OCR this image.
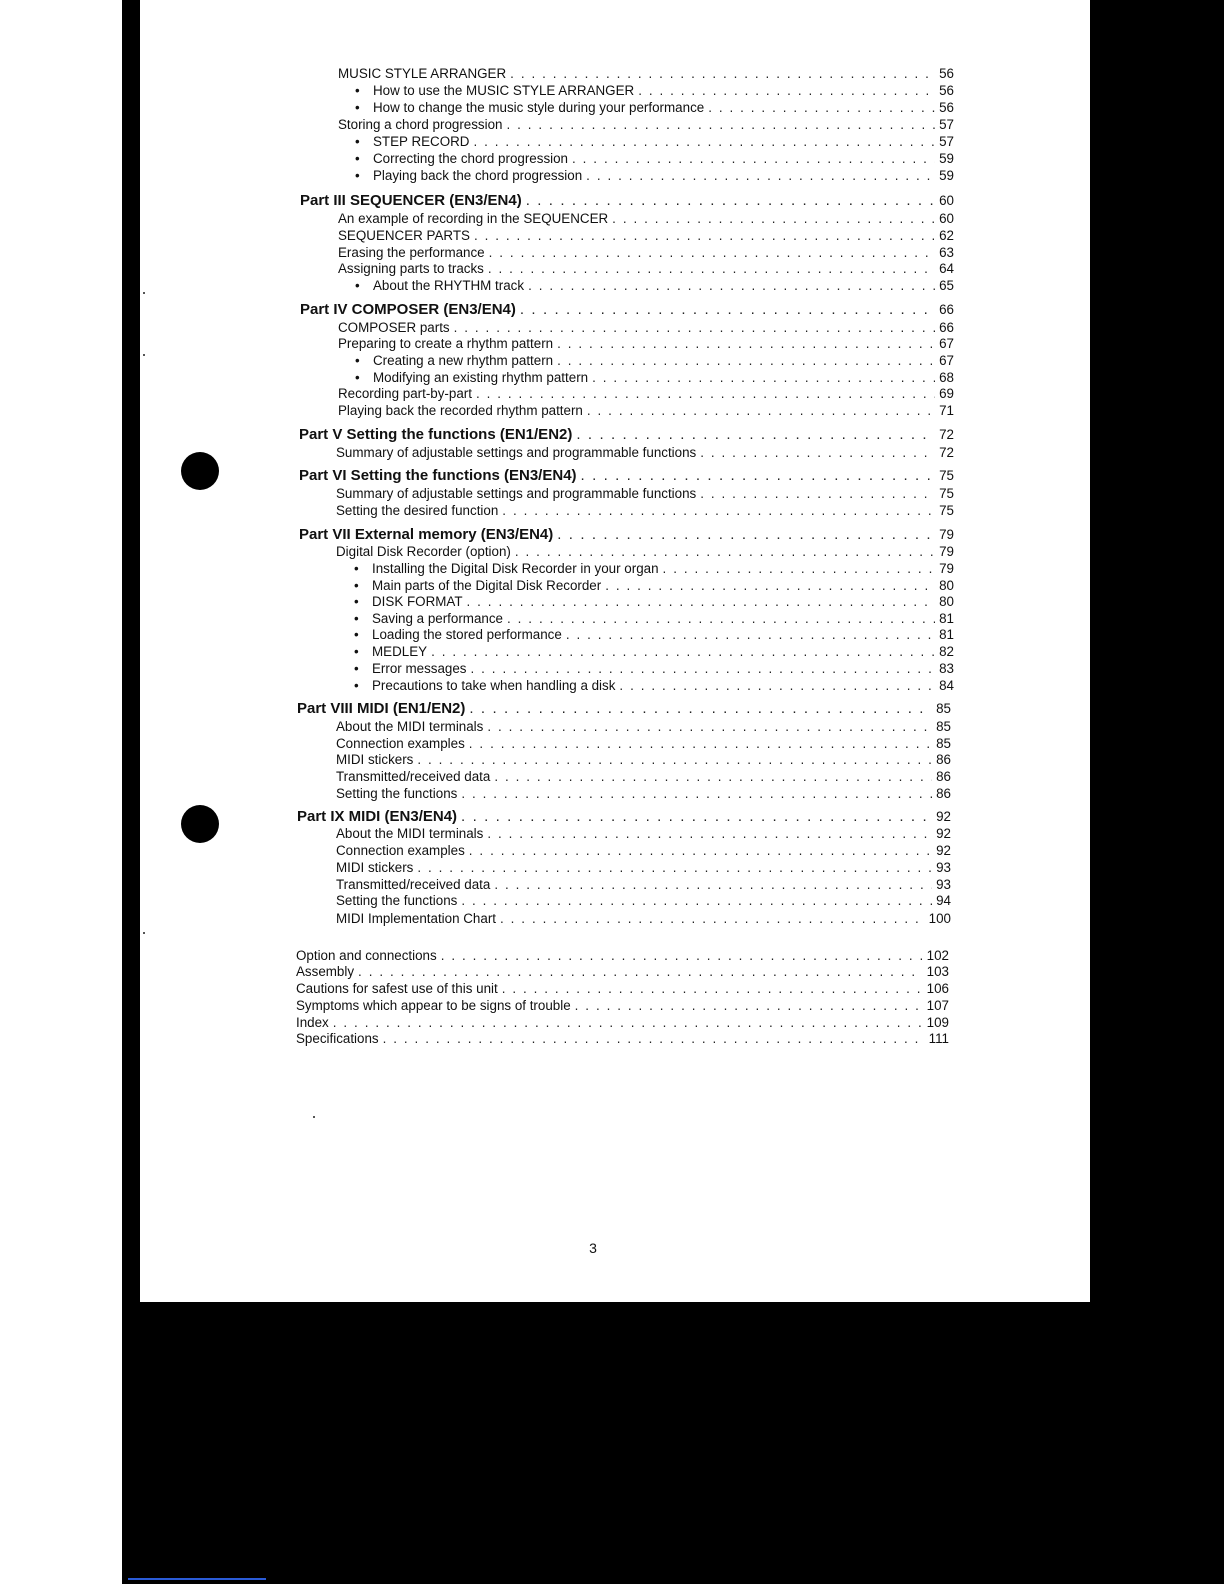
MUSIC STYLE ARRANGER . . .	56
• How to use the MUSIC STYLE ARRANGER . . .	56
• How to change the music style during your performance . . .	56
Storing a chord progression . . .	57
• STEP RECORD . . .	57
• Correcting the chord progression . . .	59
• Playing back the chord progression . . .	59
Part III SEQUENCER (EN3/EN4) . . .	60
An example of recording in the SEQUENCER . . .	60
SEQUENCER PARTS . . .	62
Erasing the performance . . .	63
Assigning parts to tracks . . .	64
• About the RHYTHM track . . .	65
Part IV COMPOSER (EN3/EN4) . . .	66
COMPOSER parts . . .	66
Preparing to create a rhythm pattern . . .	67
• Creating a new rhythm pattern . . .	67
• Modifying an existing rhythm pattern . . .	68
Recording part-by-part . . .	69
Playing back the recorded rhythm pattern . . .	71
Part V Setting the functions (EN1/EN2) . . .	72
Summary of adjustable settings and programmable functions . . .	72
Part VI Setting the functions (EN3/EN4) . . .	75
Summary of adjustable settings and programmable functions . . .	75
Setting the desired function . . .	75
Part VII External memory (EN3/EN4) . . .	79
Digital Disk Recorder (option) . . .	79
• Installing the Digital Disk Recorder in your organ . . .	79
• Main parts of the Digital Disk Recorder . . .	80
• DISK FORMAT . . .	80
• Saving a performance . . .	81
• Loading the stored performance . . .	81
• MEDLEY . . .	82
• Error messages . . .	83
• Precautions to take when handling a disk . . .	84
Part VIII MIDI (EN1/EN2) . . .	85
About the MIDI terminals . . .	85
Connection examples . . .	85
MIDI stickers . . .	86
Transmitted/received data . . .	86
Setting the functions . . .	86
Part IX MIDI (EN3/EN4) . . .	92
About the MIDI terminals . . .	92
Connection examples . . .	92
MIDI stickers . . .	93
Transmitted/received data . . .	93
Setting the functions . . .	94
MIDI Implementation Chart . . .	100
Option and connections . . .	102
Assembly . . .	103
Cautions for safest use of this unit . . .	106
Symptoms which appear to be signs of trouble . . .	107
Index . . .	109
Specifications . . .	111
3
